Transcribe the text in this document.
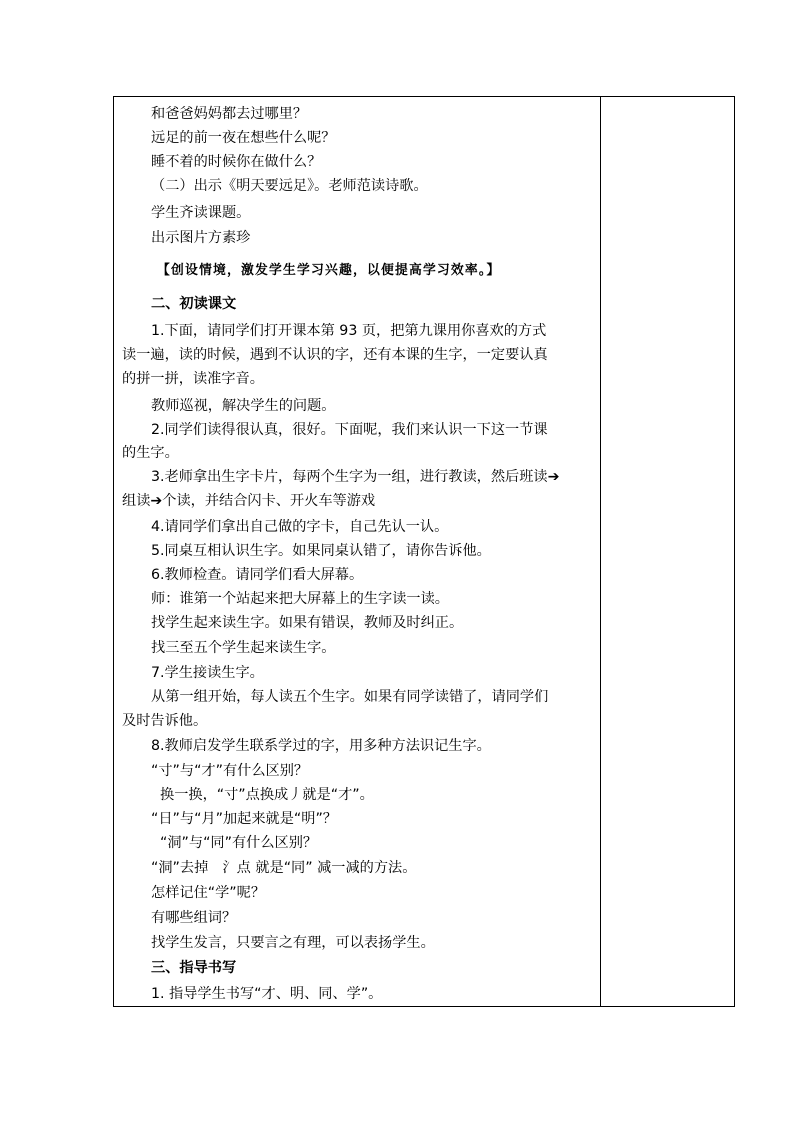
和爸爸妈妈都去过哪里？
远足的前一夜在想些什么呢？
睡不着的时候你在做什么？
（二）出示《明天要远足》。老师范读诗歌。
学生齐读课题。
出示图片方素珍
【创设情境，激发学生学习兴趣，以便提高学习效率。】
二、初读课文
1.下面，请同学们打开课本第 93 页，把第九课用你喜欢的方式
读一遍，读的时候，遇到不认识的字，还有本课的生字，一定要认真
的拼一拼，读准字音。
教师巡视，解决学生的问题。
2.同学们读得很认真，很好。下面呢，我们来认识一下这一节课
的生字。
3.老师拿出生字卡片，每两个生字为一组，进行教读，然后班读➔
组读➔个读，并结合闪卡、开火车等游戏
4.请同学们拿出自己做的字卡，自己先认一认。
5.同桌互相认识生字。如果同桌认错了，请你告诉他。
6.教师检查。请同学们看大屏幕。
师：谁第一个站起来把大屏幕上的生字读一读。
找学生起来读生字。如果有错误，教师及时纠正。
找三至五个学生起来读生字。
7.学生接读生字。
从第一组开始，每人读五个生字。如果有同学读错了，请同学们
及时告诉他。
8.教师启发学生联系学过的字，用多种方法识记生字。
“寸”与“才”有什么区别？
换一换，“寸”点换成丿就是“才”。
“日”与“月”加起来就是“明”？
“洞”与“同”有什么区别？
“洞”去掉　氵点 就是“同” 减一减的方法。
怎样记住“学”呢？
有哪些组词？
找学生发言，只要言之有理，可以表扬学生。
三、指导书写
1. 指导学生书写“才、明、同、学”。
